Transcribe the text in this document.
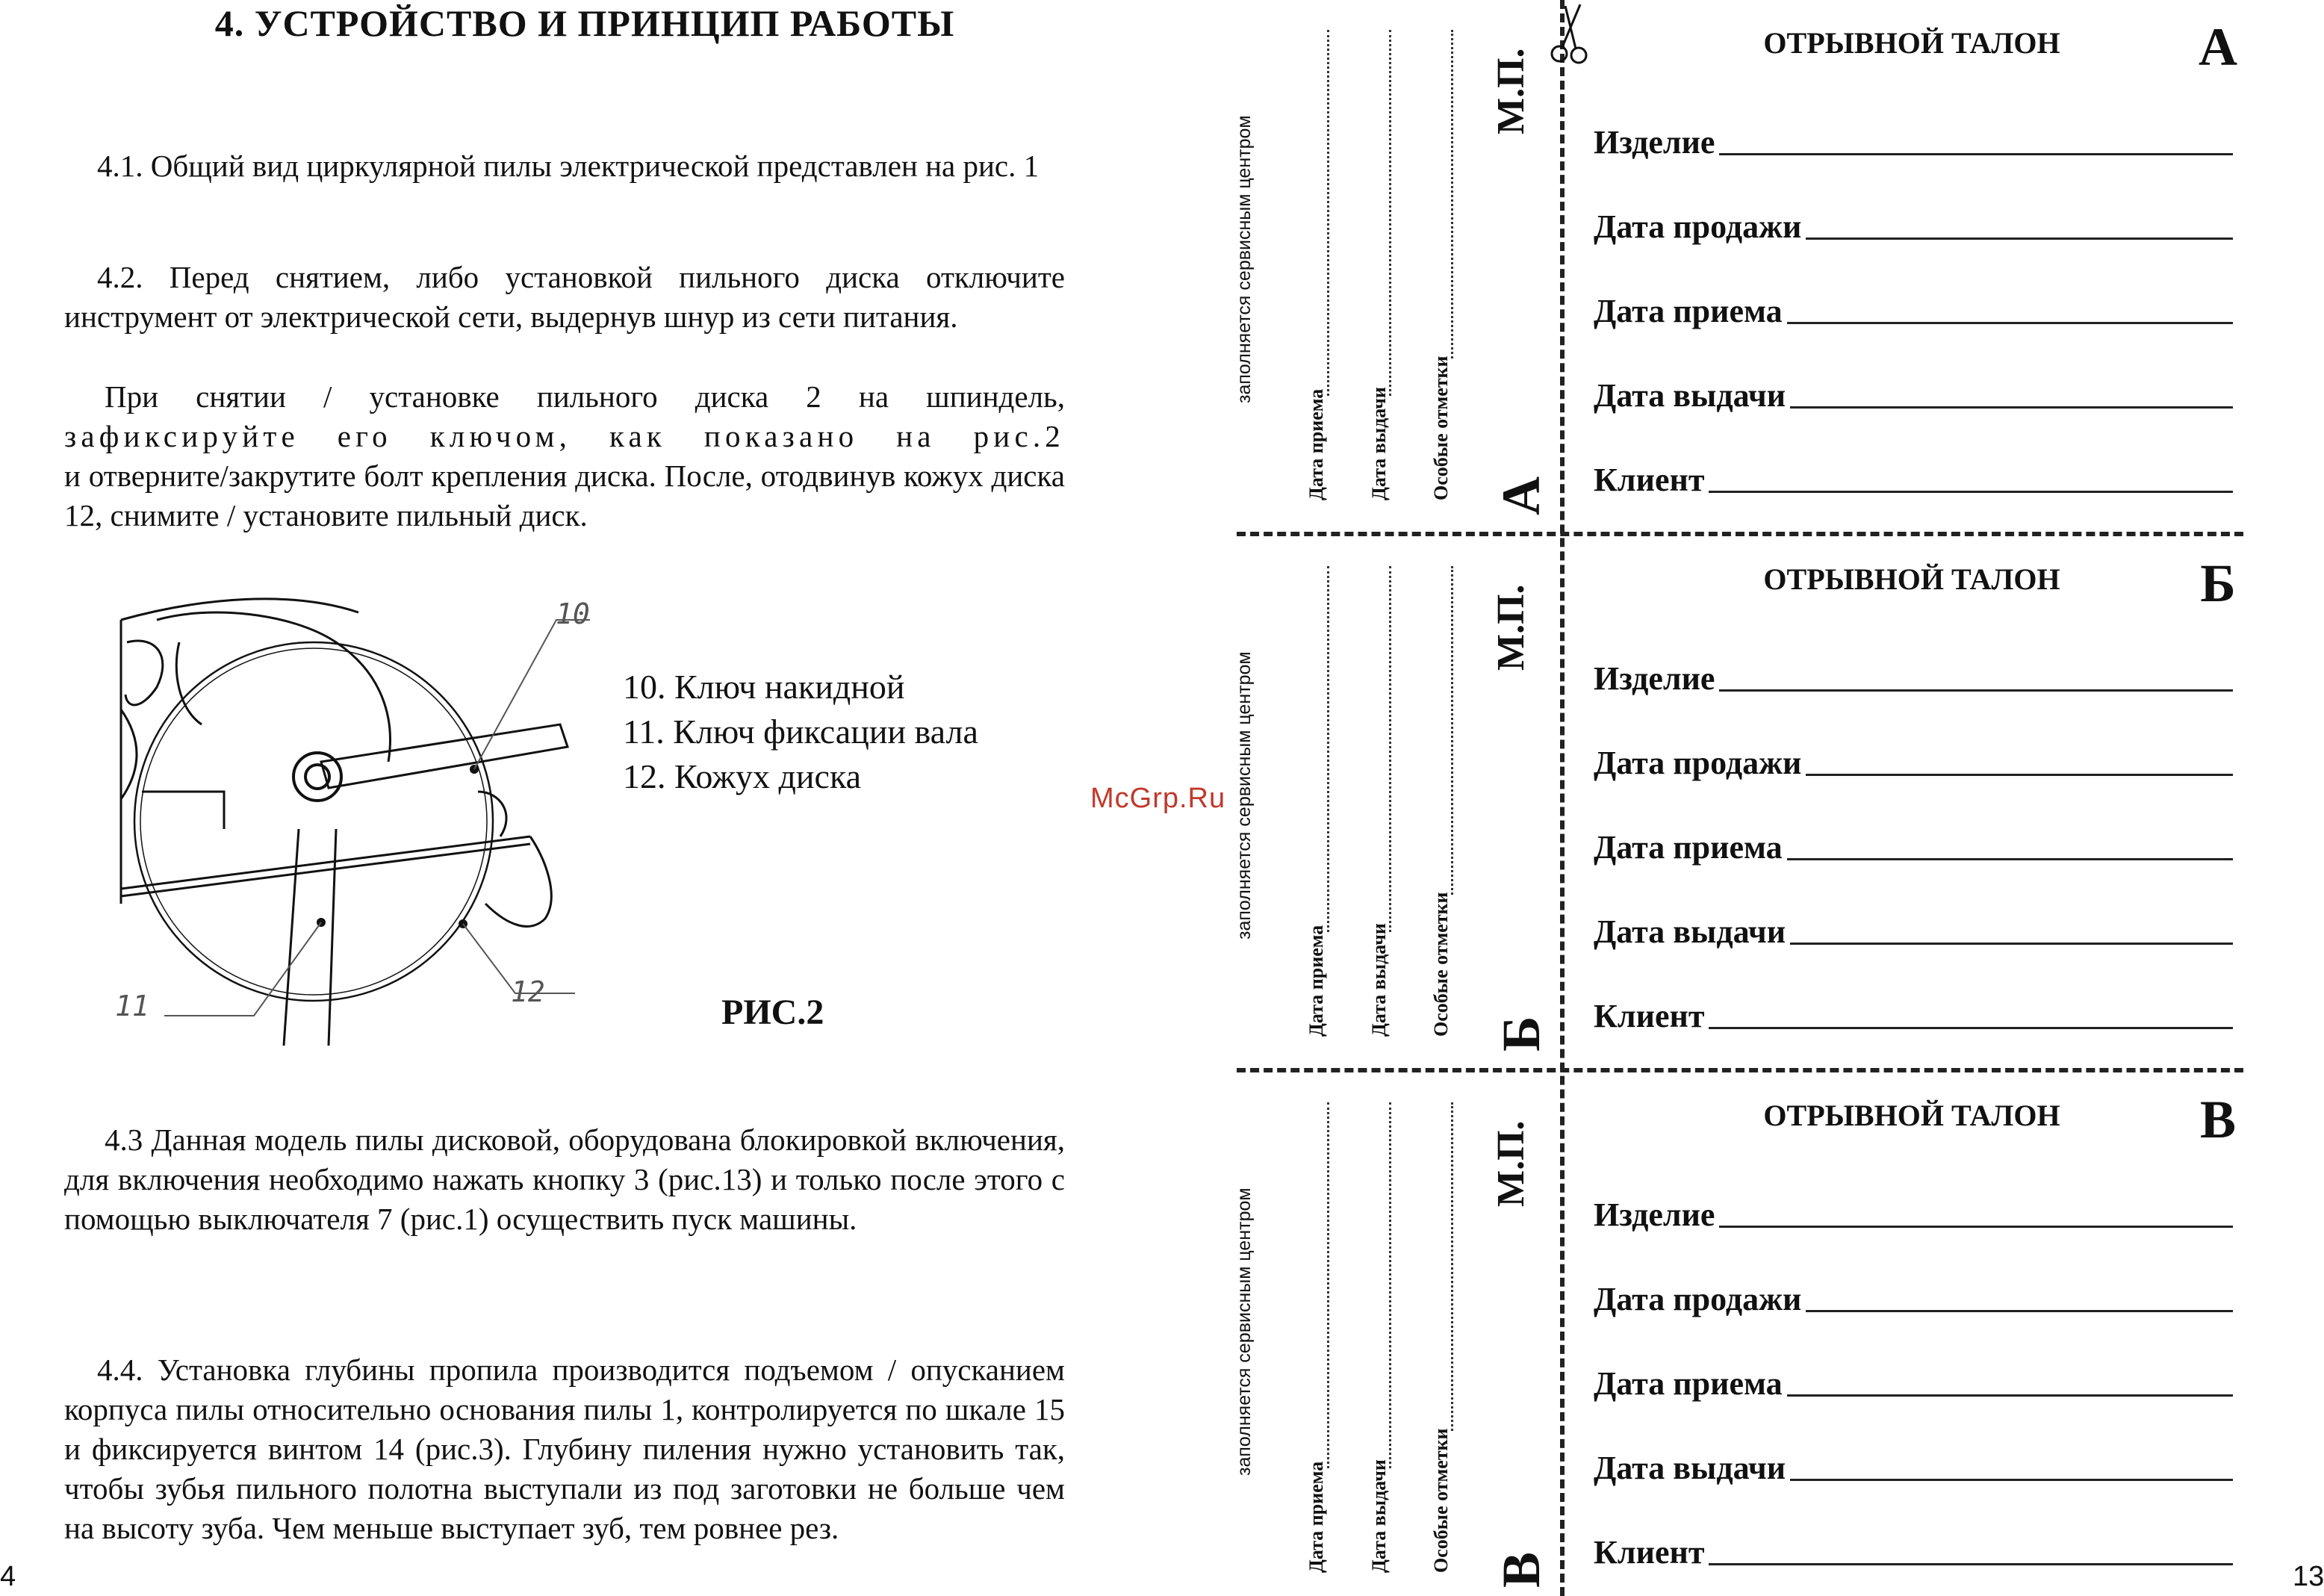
4. УСТРОЙСТВО И ПРИНЦИП РАБОТЫ

4.1. Общий вид циркулярной пилы электрической представлен на рис. 1

4.2. Перед снятием, либо установкой пильного диска отключите инструмент от электрической сети, выдернув шнур из сети питания.

При снятии / установке пильного диска 2 на шпиндель,
зафиксируйте его ключом, как показано на рис.2
и отверните/закрутите болт крепления диска. После, отодвинув кожух диска 12, снимите / установите пильный диск.
10
11	12
10. Ключ накидной
11. Ключ фиксации вала
12. Кожух диска
РИС.2

4.3 Данная модель пилы дисковой, оборудована блокировкой включения, для включения необходимо нажать кнопку 3 (рис.13) и только после этого с помощью выключателя 7 (рис.1) осуществить пуск машины.

4.4. Установка глубины пропила производится подъемом / опусканием корпуса пилы относительно основания пилы 1, контролируется по шкале 15 и фиксируется винтом 14 (рис.3). Глубину пиления нужно установить так, чтобы зубья пильного полотна выступали из под заготовки не больше чем на высоту зуба. Чем меньше выступает зуб, тем ровнее рез.

4
McGrp.Ru
ОТРЫВНОЙ ТАЛОН	А
Изделие
Дата продажи
Дата приема
Дата выдачи
Клиент
заполняется сервисным центром
Дата приема Дата выдачи Особые отметки
М.П.
А
ОТРЫВНОЙ ТАЛОН	Б
Изделие
Дата продажи
Дата приема
Дата выдачи
Клиент
заполняется сервисным центром
Дата приема Дата выдачи Особые отметки
М.П.
Б
ОТРЫВНОЙ ТАЛОН	В
Изделие
Дата продажи
Дата приема
Дата выдачи
Клиент
заполняется сервисным центром
Дата приема Дата выдачи Особые отметки
М.П.
В	13
